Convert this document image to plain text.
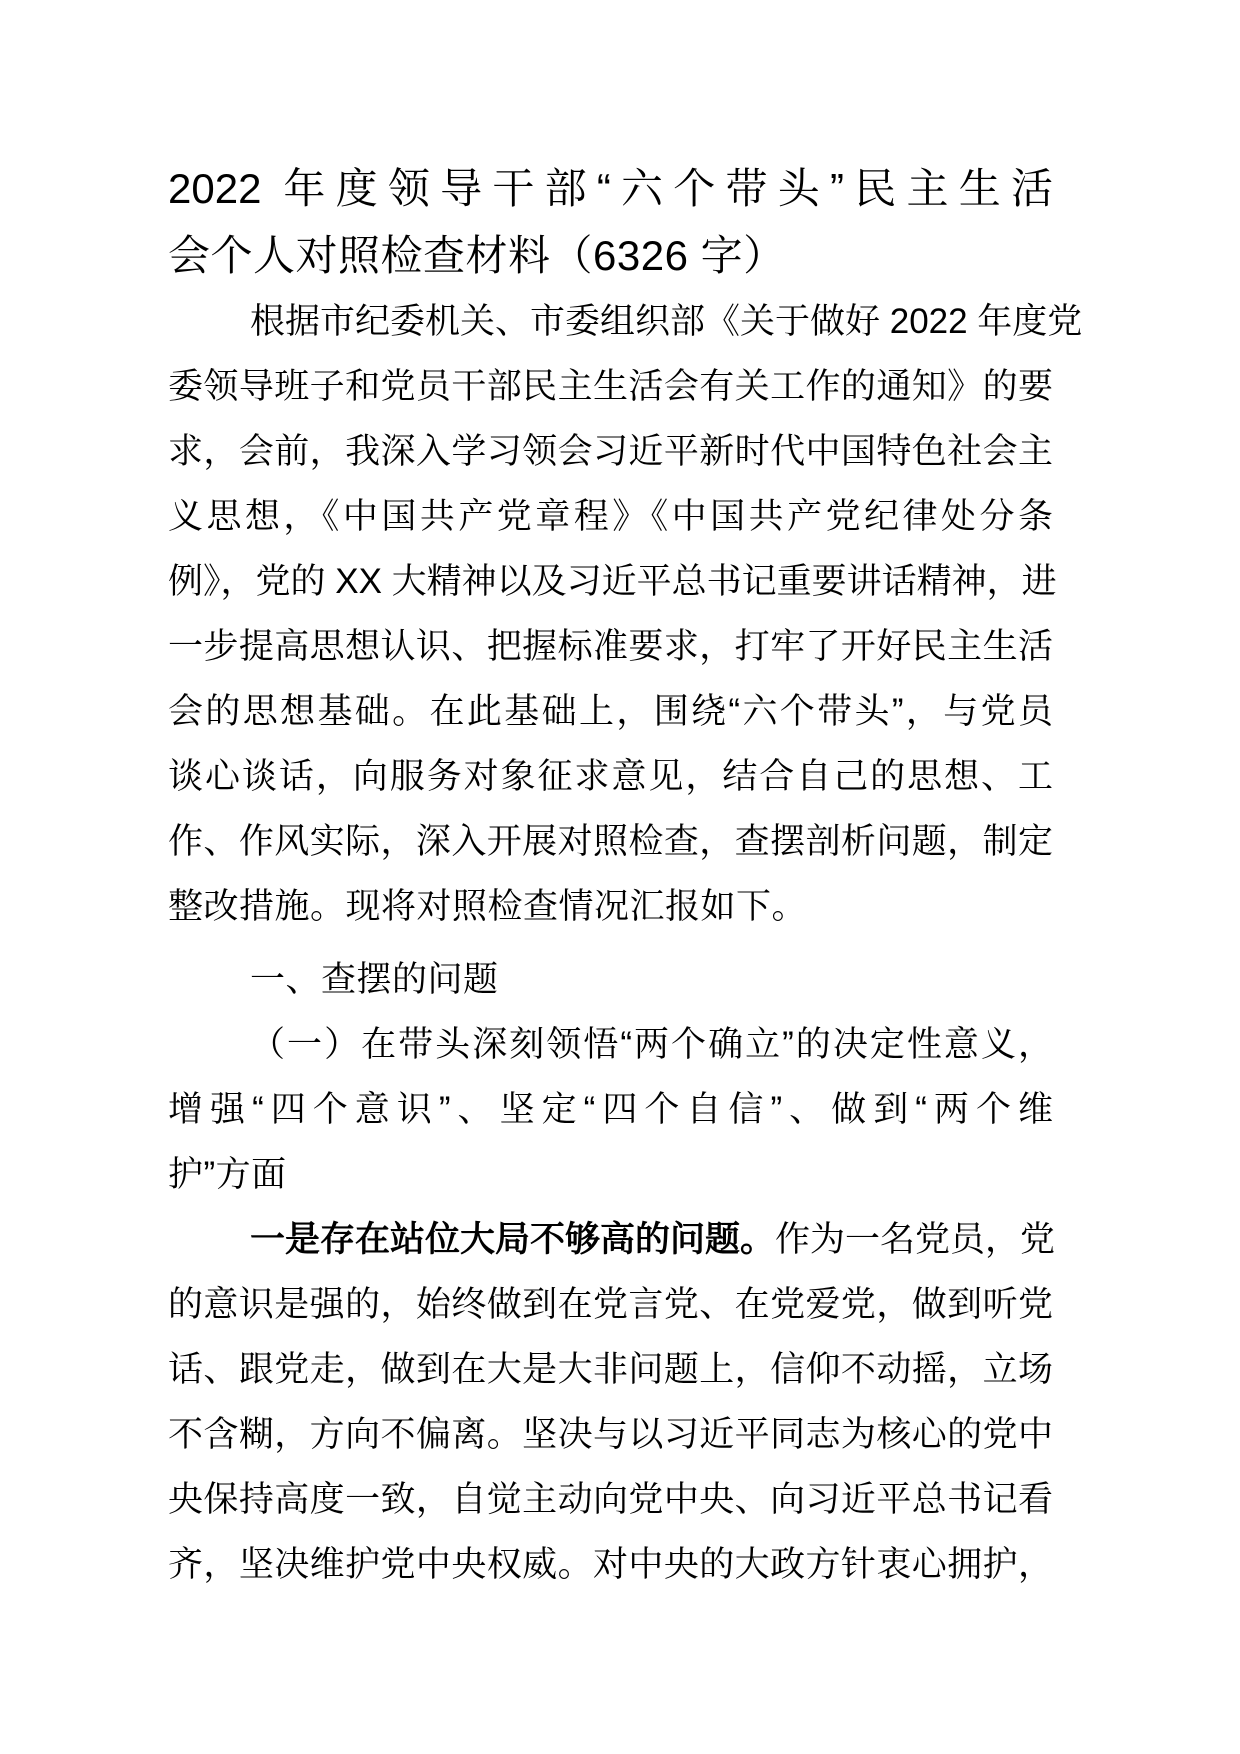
2022 年度领导干部“六个带头”民主生活
会个人对照检查材料（6326 字）
根据市纪委机关、市委组织部《关于做好 2022 年度党
委领导班子和党员干部民主生活会有关工作的通知》的要
求，会前，我深入学习领会习近平新时代中国特色社会主
义思想，《中国共产党章程》《中国共产党纪律处分条
例》，党的 XX 大精神以及习近平总书记重要讲话精神，进
一步提高思想认识、把握标准要求，打牢了开好民主生活
会的思想基础。在此基础上，围绕“六个带头”，与党员
谈心谈话，向服务对象征求意见，结合自己的思想、工
作、作风实际，深入开展对照检查，查摆剖析问题，制定
整改措施。现将对照检查情况汇报如下。
一、查摆的问题
（一）在带头深刻领悟“两个确立”的决定性意义，
增强“四个意识”、坚定“四个自信”、做到“两个维
护”方面
一是存在站位大局不够高的问题。作为一名党员，党
的意识是强的，始终做到在党言党、在党爱党，做到听党
话、跟党走，做到在大是大非问题上，信仰不动摇，立场
不含糊，方向不偏离。坚决与以习近平同志为核心的党中
央保持高度一致，自觉主动向党中央、向习近平总书记看
齐，坚决维护党中央权威。对中央的大政方针衷心拥护，
